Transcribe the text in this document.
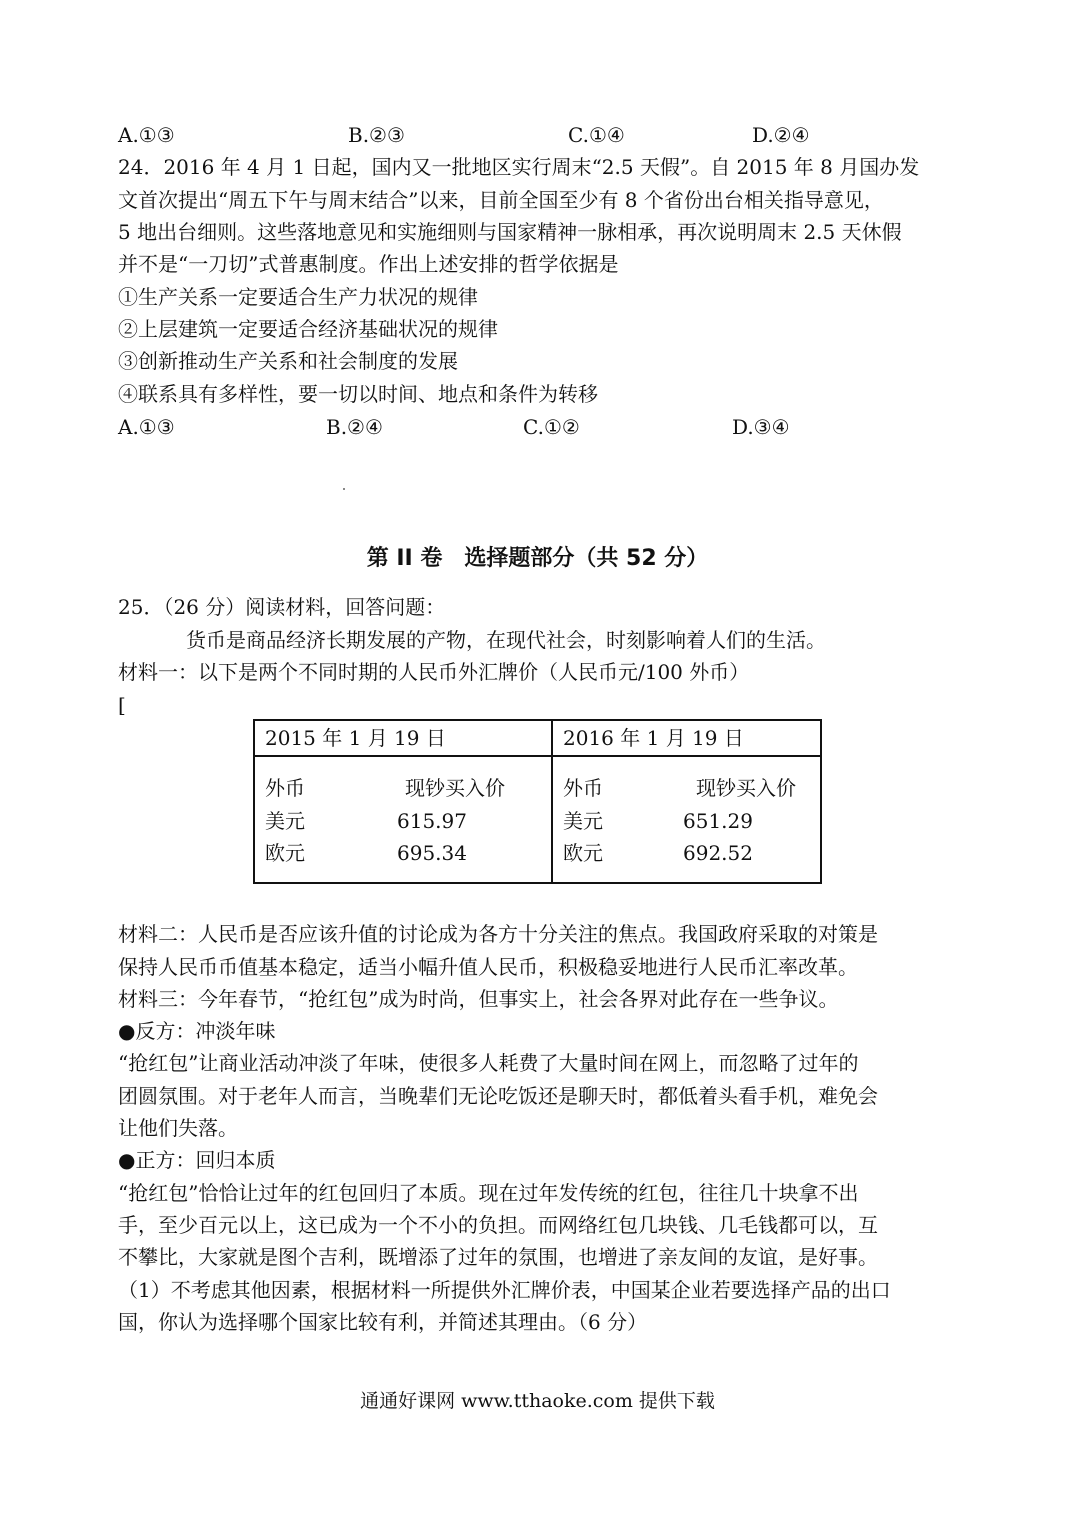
A.①③	B.②③	C.①④	D.②④
24．2016 年 4 月 1 日起，国内又一批地区实行周末“2.5 天假”。自 2015 年 8 月国办发
文首次提出“周五下午与周末结合”以来，目前全国至少有 8 个省份出台相关指导意见，
5 地出台细则。这些落地意见和实施细则与国家精神一脉相承，再次说明周末 2.5 天休假
并不是“一刀切”式普惠制度。作出上述安排的哲学依据是
①生产关系一定要适合生产力状况的规律
②上层建筑一定要适合经济基础状况的规律
③创新推动生产关系和社会制度的发展
④联系具有多样性，要一切以时间、地点和条件为转移
A.①③	B.②④	C.①②	D.③④
第 II 卷　选择题部分（共 52 分）
25．（26 分）阅读材料，回答问题：
货币是商品经济长期发展的产物，在现代社会，时刻影响着人们的生活。
材料一：以下是两个不同时期的人民币外汇牌价（人民币元/100 外币）
[
2015 年 1 月 19 日
外币	现钞买入价
美元	615.97
欧元	695.34
2016 年 1 月 19 日
外币	现钞买入价
美元	651.29
欧元	692.52
材料二：人民币是否应该升值的讨论成为各方十分关注的焦点。我国政府采取的对策是
保持人民币币值基本稳定，适当小幅升值人民币，积极稳妥地进行人民币汇率改革。
材料三：今年春节，“抢红包”成为时尚，但事实上，社会各界对此存在一些争议。
●反方：冲淡年味
“抢红包”让商业活动冲淡了年味，使很多人耗费了大量时间在网上，而忽略了过年的
团圆氛围。对于老年人而言，当晚辈们无论吃饭还是聊天时，都低着头看手机，难免会
让他们失落。
●正方：回归本质
“抢红包”恰恰让过年的红包回归了本质。现在过年发传统的红包，往往几十块拿不出
手，至少百元以上，这已成为一个不小的负担。而网络红包几块钱、几毛钱都可以，互
不攀比，大家就是图个吉利，既增添了过年的氛围，也增进了亲友间的友谊，是好事。
（1）不考虑其他因素，根据材料一所提供外汇牌价表，中国某企业若要选择产品的出口
国，你认为选择哪个国家比较有利，并简述其理由。（6 分）
通通好课网 www.tthaoke.com 提供下载
